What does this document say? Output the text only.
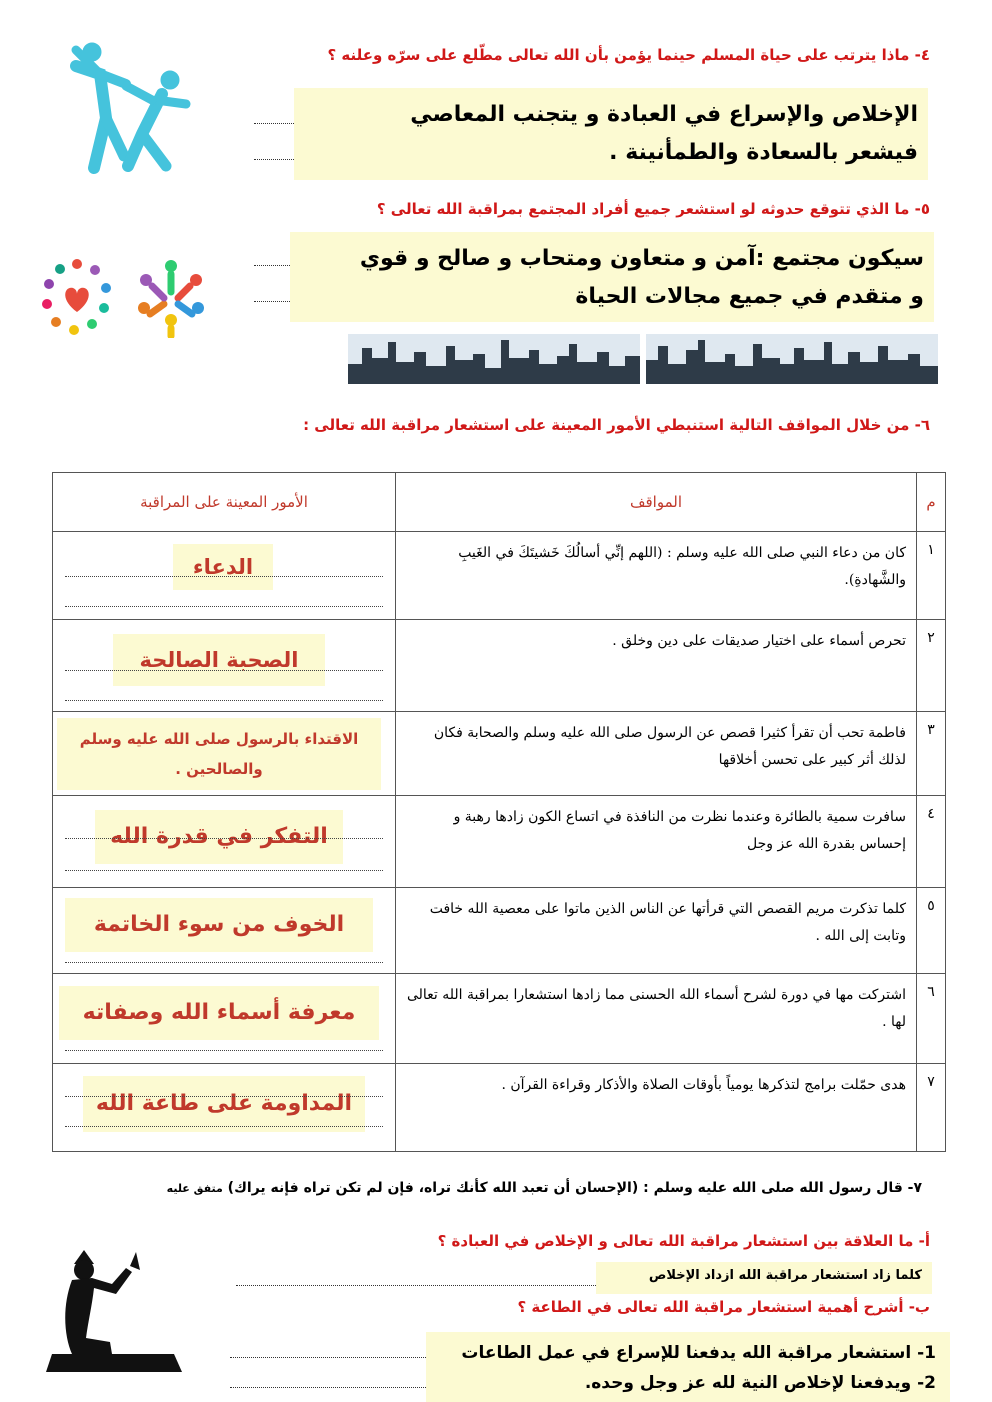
٤- ماذا يترتب على حياة المسلم حينما يؤمن بأن الله تعالى مطّلع على سرّه وعلنه ؟
الإخلاص والإسراع في العبادة و يتجنب المعاصي
فيشعر بالسعادة والطمأنينة .
٥- ما الذي تتوقع حدوثه لو استشعر جميع أفراد المجتمع بمراقبة الله تعالى ؟
سيكون مجتمع :آمن و متعاون ومتحاب و صالح و قوي
و متقدم في جميع مجالات الحياة
٦- من خلال المواقف التالية استنبطي الأمور المعينة على استشعار مراقبة الله تعالى :
م	المواقف	الأمور المعينة على المراقبة
١	كان من دعاء النبي صلى الله عليه وسلم : (اللهم إنِّي أسالُكَ خَشيتَكَ في الغَيبِ والشَّهادةِ).	الدعاء

٢	تحرص أسماء على اختيار صديقات على دين وخلق .	الصحبة الصالحة

٣	فاطمة تحب أن تقرأ كثيرا قصص عن الرسول صلى الله عليه وسلم والصحابة فكان لذلك أثر كبير على تحسن أخلاقها	الاقتداء بالرسول صلى الله عليه وسلم والصالحين .

٤	سافرت سمية بالطائرة وعندما نظرت من النافذة في اتساع الكون زادها رهبة و إحساس بقدرة الله عز وجل	التفكر في قدرة الله

٥	كلما تذكرت مريم القصص التي قرأتها عن الناس الذين ماتوا على معصية الله خافت وتابت إلى الله .	الخوف من سوء الخاتمة

٦	اشتركت مها في دورة لشرح أسماء الله الحسنى مما زادها استشعارا بمراقبة الله تعالى لها .	معرفة أسماء الله وصفاته

٧	هدى حمّلت برامج لتذكرها يومياً بأوقات الصلاة والأذكار وقراءة القرآن .	المداومة على طاعة الله
٧- قال رسول الله صلى الله عليه وسلم : (الإحسان أن تعبد الله كأنك تراه، فإن لم تكن تراه فإنه يراك) متفق عليه
أ- ما العلاقة بين استشعار مراقبة الله تعالى و الإخلاص في العبادة ؟
كلما زاد استشعار مراقبة الله ازداد الإخلاص
ب- أشرح أهمية استشعار مراقبة الله تعالى في الطاعة ؟
1- استشعار مراقبة الله يدفعنا للإسراع في عمل الطاعات
2- ويدفعنا لإخلاص النية لله عز وجل وحده.
